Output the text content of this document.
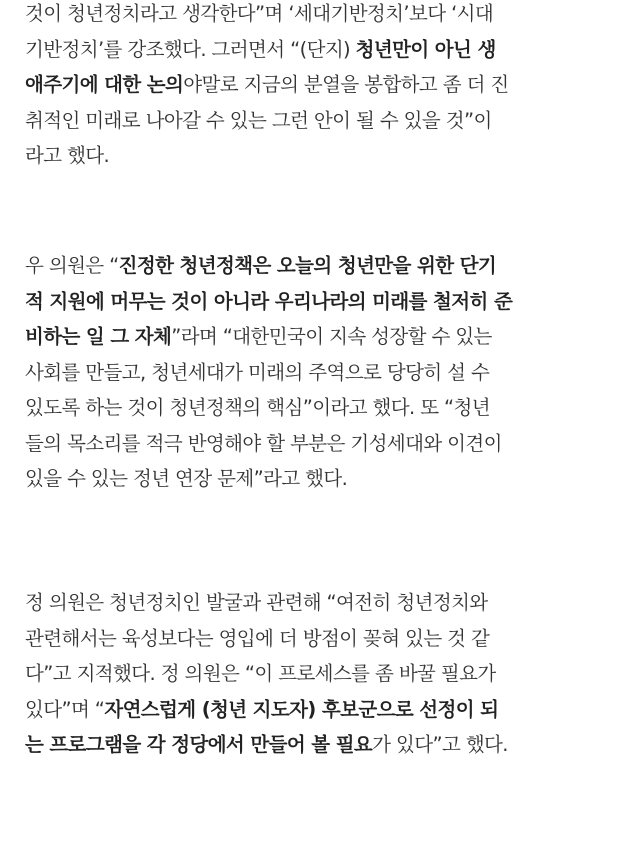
것이 청년정치라고 생각한다”며 ‘세대기반정치’보다 ‘시대
기반정치’를 강조했다. 그러면서 “(단지) 청년만이 아닌 생
애주기에 대한 논의야말로 지금의 분열을 봉합하고 좀 더 진
취적인 미래로 나아갈 수 있는 그런 안이 될 수 있을 것”이
라고 했다.
우 의원은 “진정한 청년정책은 오늘의 청년만을 위한 단기
적 지원에 머무는 것이 아니라 우리나라의 미래를 철저히 준
비하는 일 그 자체”라며 “대한민국이 지속 성장할 수 있는
사회를 만들고, 청년세대가 미래의 주역으로 당당히 설 수
있도록 하는 것이 청년정책의 핵심”이라고 했다. 또 “청년
들의 목소리를 적극 반영해야 할 부분은 기성세대와 이견이
있을 수 있는 정년 연장 문제”라고 했다.
정 의원은 청년정치인 발굴과 관련해 “여전히 청년정치와
관련해서는 육성보다는 영입에 더 방점이 꽂혀 있는 것 같
다”고 지적했다. 정 의원은 “이 프로세스를 좀 바꿀 필요가
있다”며 “자연스럽게 (청년 지도자) 후보군으로 선정이 되
는 프로그램을 각 정당에서 만들어 볼 필요가 있다”고 했다.
